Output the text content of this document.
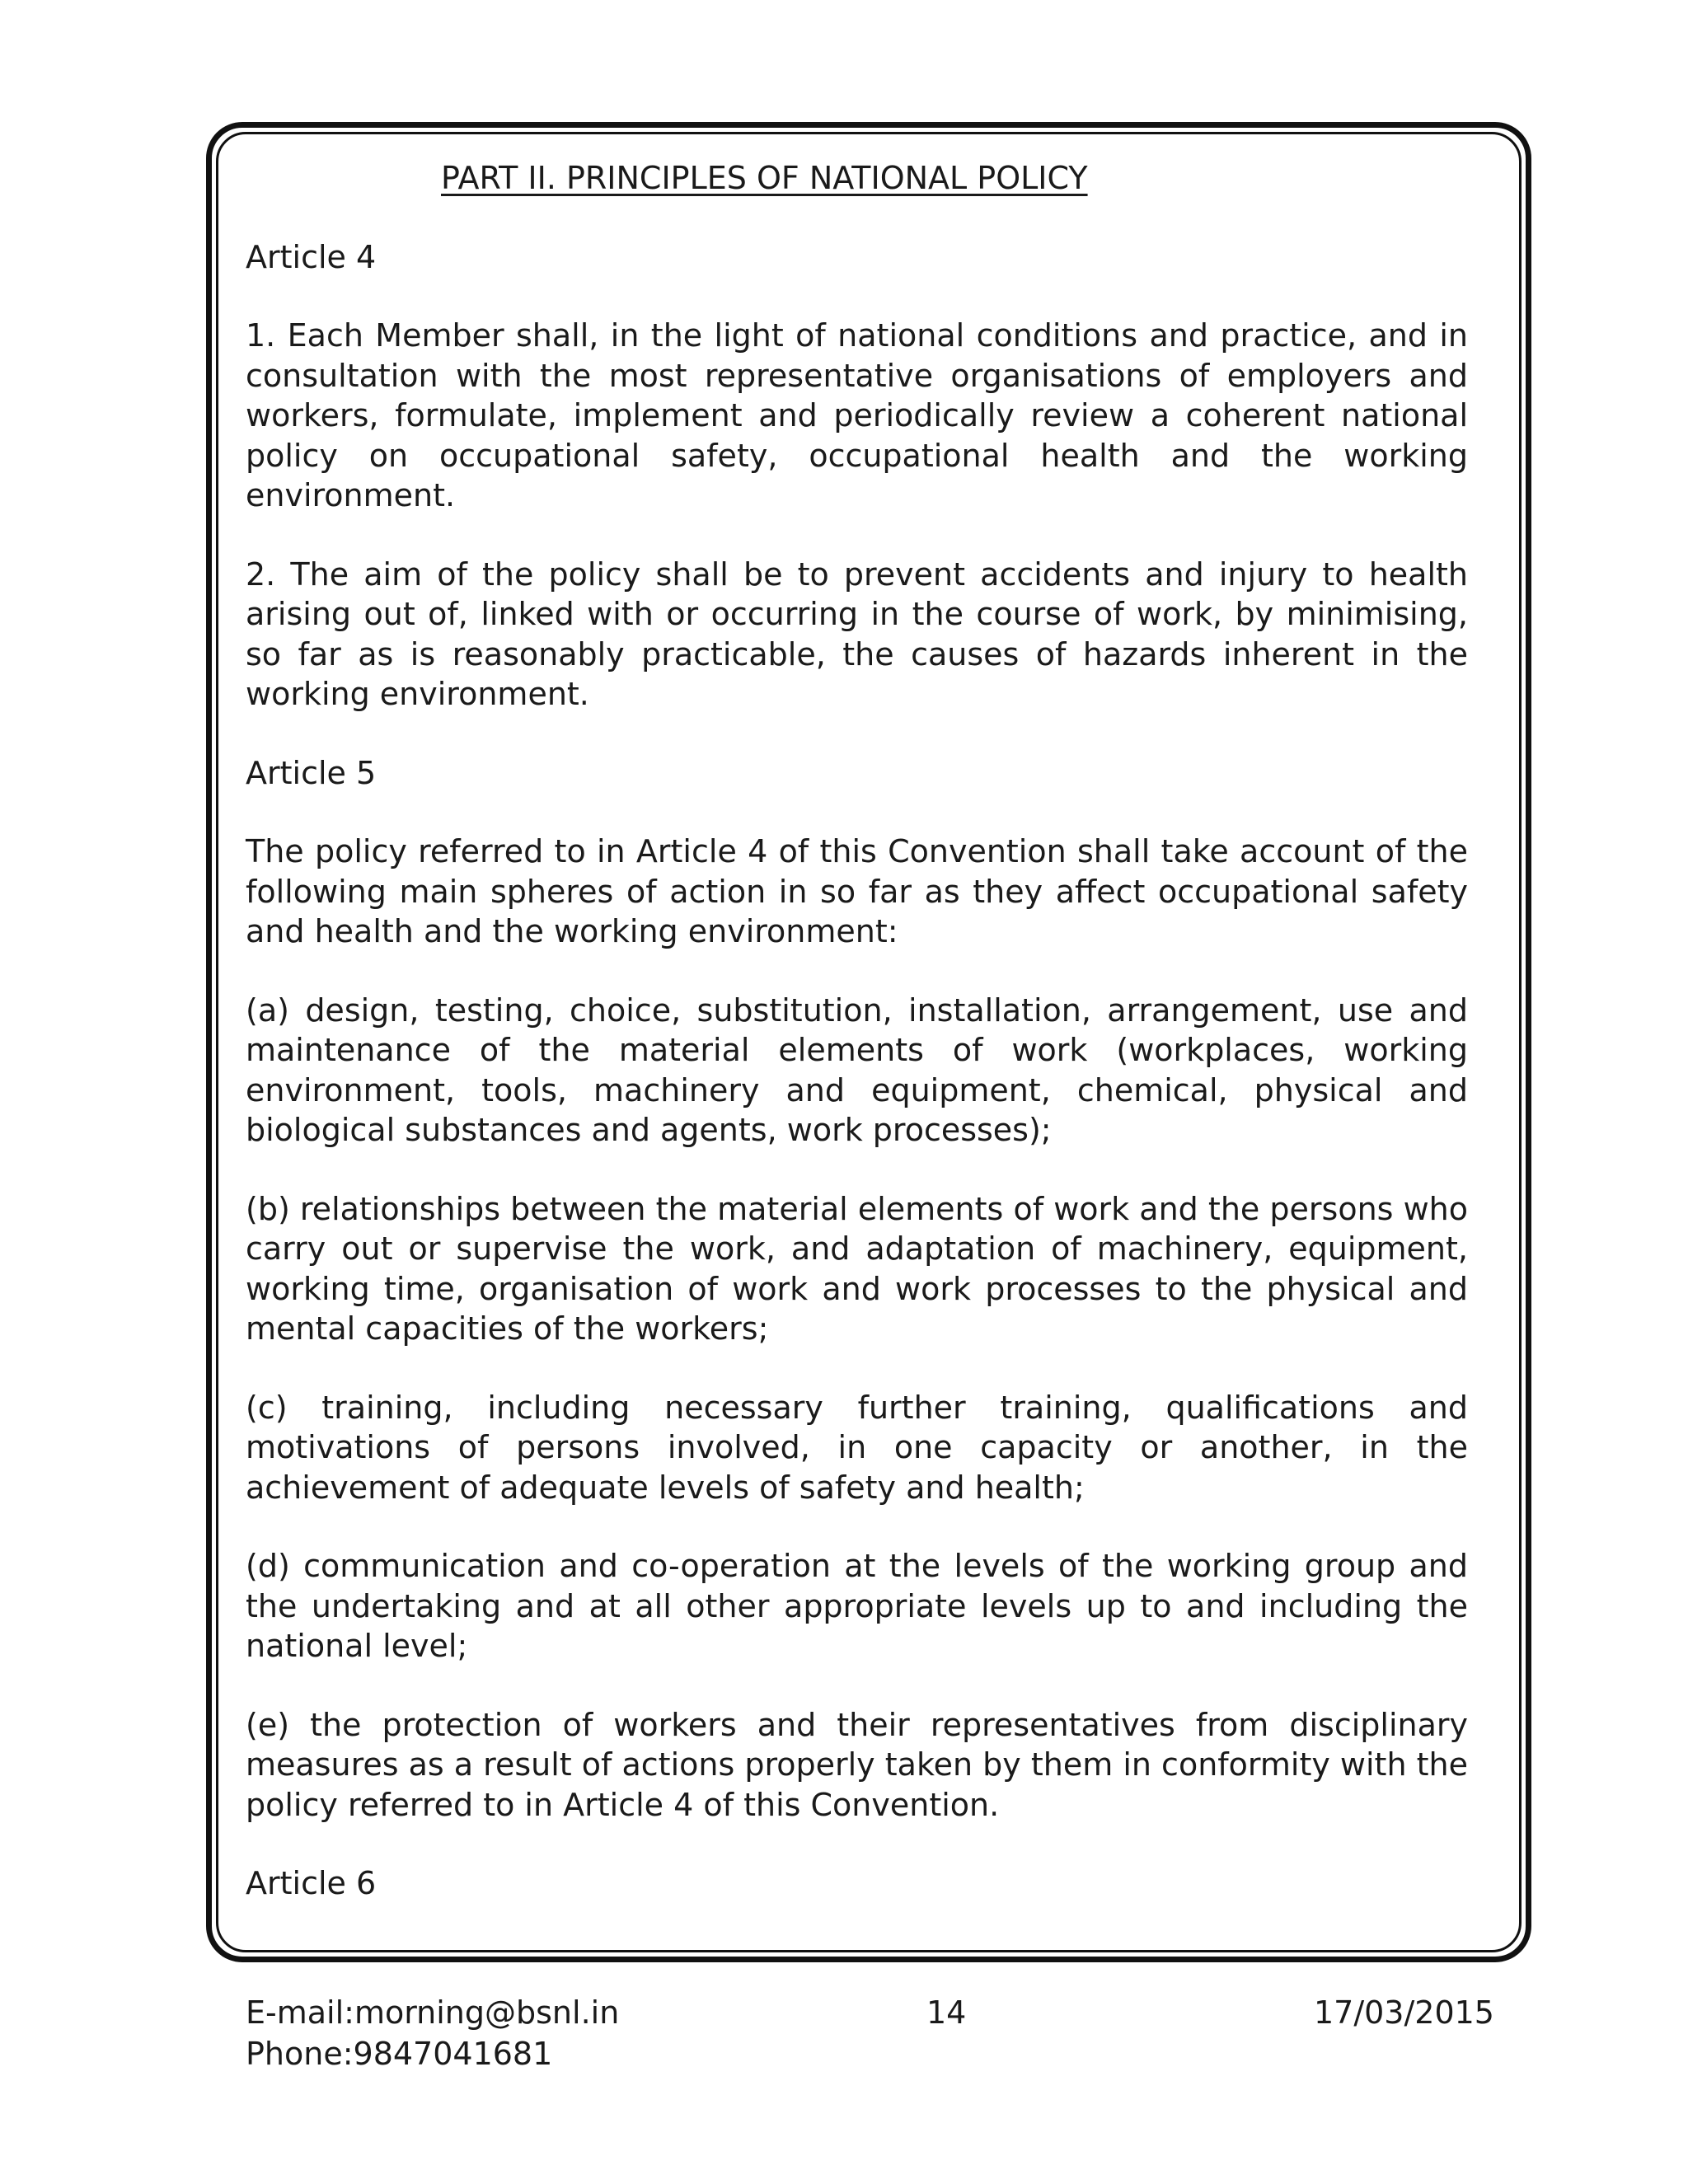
PART II. PRINCIPLES OF NATIONAL POLICY
Article 4
1. Each Member shall, in the light of national conditions and practice, and in consultation with the most representative organisations of employers and workers, formulate, implement and periodically review a coherent national policy on occupational safety, occupational health and the working environment.
2. The aim of the policy shall be to prevent accidents and injury to health arising out of, linked with or occurring in the course of work, by minimising, so far as is reasonably practicable, the causes of hazards inherent in the working environment.
Article 5
The policy referred to in Article 4 of this Convention shall take account of the following main spheres of action in so far as they affect occupational safety and health and the working environment:
(a) design, testing, choice, substitution, installation, arrangement, use and maintenance of the material elements of work (workplaces, working environment, tools, machinery and equipment, chemical, physical and biological substances and agents, work processes);
(b) relationships between the material elements of work and the persons who carry out or supervise the work, and adaptation of machinery, equipment, working time, organisation of work and work processes to the physical and mental capacities of the workers;
(c) training, including necessary further training, qualifications and motivations of persons involved, in one capacity or another, in the achievement of adequate levels of safety and health;
(d) communication and co-operation at the levels of the working group and the undertaking and at all other appropriate levels up to and including the national level;
(e) the protection of workers and their representatives from disciplinary measures as a result of actions properly taken by them in conformity with the policy referred to in Article 4 of this Convention.
Article 6
E-mail:morning@bsnl.in
Phone:9847041681
14	17/03/2015
